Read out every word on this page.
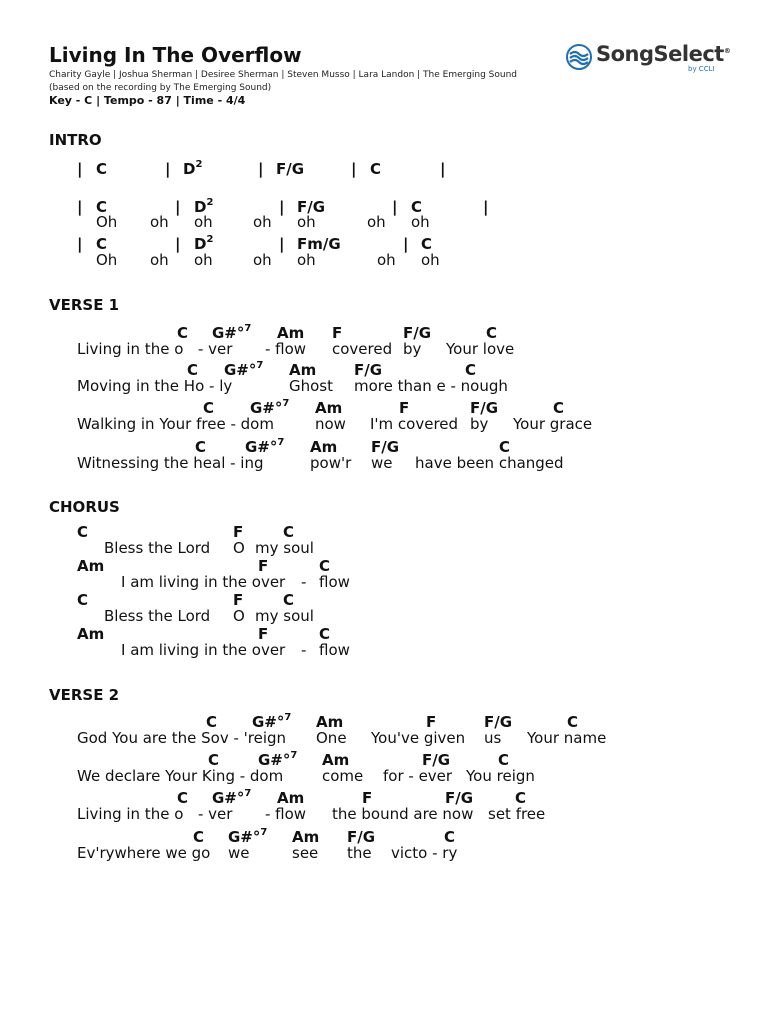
Living In The Overflow
Charity Gayle | Joshua Sherman | Desiree Sherman | Steven Musso | Lara Landon | The Emerging Sound
(based on the recording by The Emerging Sound)
Key - C | Tempo - 87 | Time - 4/4
SongSelect®
by CCLI
INTRO
VERSE 1
CHORUS
VERSE 2
| C	| $D^2$	| F/G	| C	|
| C	| $D^2$	| F/G	| C	|
Oh oh oh	oh oh	oh oh
| C	| $D^2$	| Fm/G	| C
Oh oh oh	oh oh	oh oh
C G#°$^7$ Am F	F/G	C
Living in the o - ver - flow covered by Your love
C G#°$^7$ Am	F/G	C
Moving in the Ho - ly	Ghost more than e - nough
C G#°$^7$ Am	F	F/G	C
Walking in Your free - dom	now I'm covered by Your grace
C	G#°$^7$ Am F/G	C
Witnessing the heal - ing	pow'r we have been changed
C	F	C
Bless the Lord O my soul
Am	F	C
I am living in the over - flow
C	F	C
Bless the Lord O my soul
Am	F	C
I am living in the over - flow
C G#°$^7$ Am	F	F/G	C
God You are the Sov - 'reign One You've given us Your name
C	G#°$^7$ Am	F/G	C
We declare Your King - dom	come for - ever You reign
C G#°$^7$ Am	F	F/G	C
Living in the o - ver - flow the bound are now set free
C G#°$^7$ Am F/G	C
Ev'rywhere we go we	see the victo - ry
